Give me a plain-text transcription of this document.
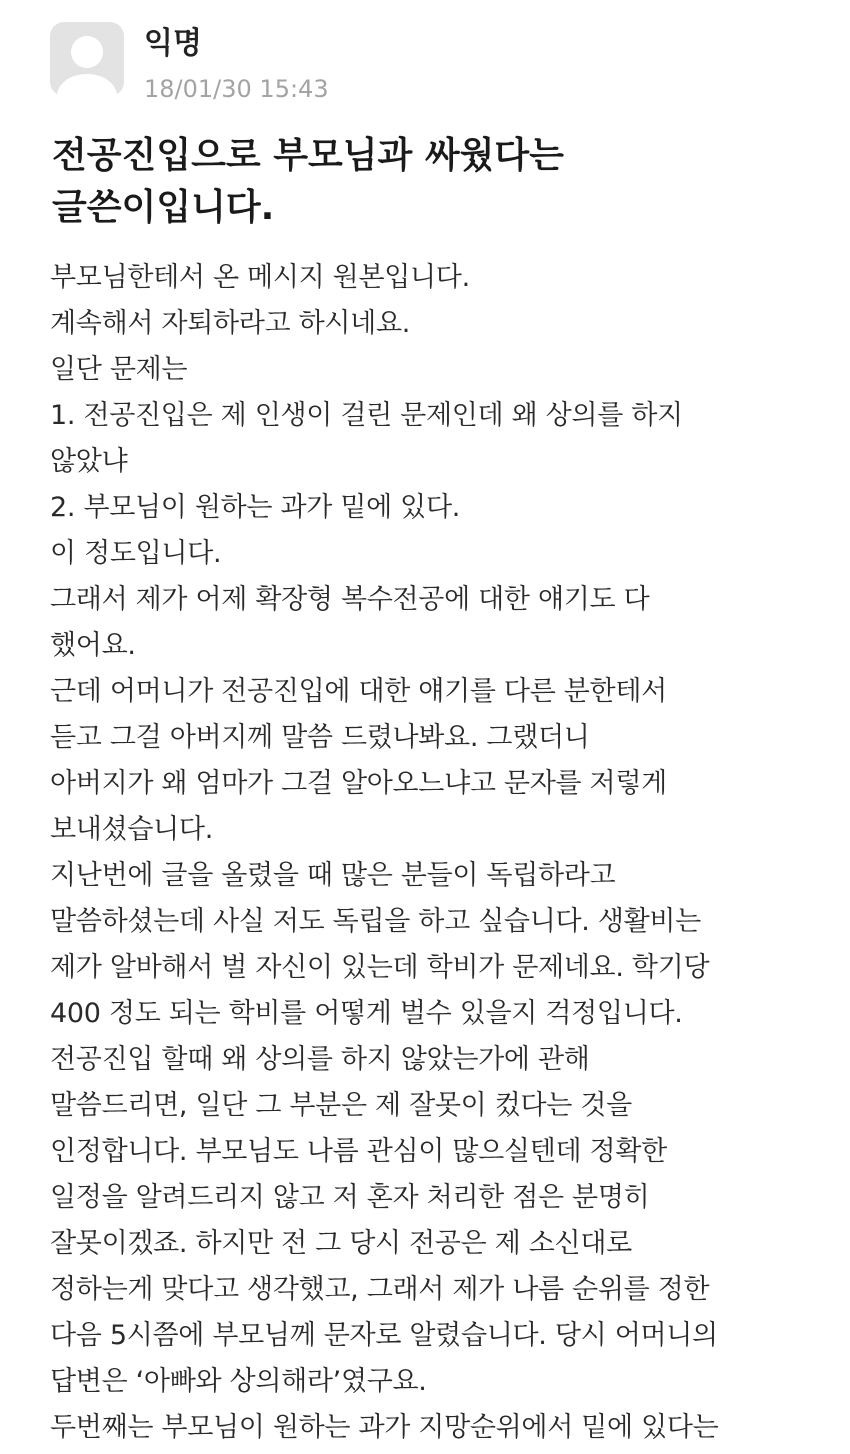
익명
18/01/30 15:43
전공진입으로 부모님과 싸웠다는
글쓴이입니다.
부모님한테서 온 메시지 원본입니다.
계속해서 자퇴하라고 하시네요.
일단 문제는
1. 전공진입은 제 인생이 걸린 문제인데 왜 상의를 하지
않았냐
2. 부모님이 원하는 과가 밑에 있다.
이 정도입니다.
그래서 제가 어제 확장형 복수전공에 대한 얘기도 다
했어요.
근데 어머니가 전공진입에 대한 얘기를 다른 분한테서
듣고 그걸 아버지께 말씀 드렸나봐요. 그랬더니
아버지가 왜 엄마가 그걸 알아오느냐고 문자를 저렇게
보내셨습니다.
지난번에 글을 올렸을 때 많은 분들이 독립하라고
말씀하셨는데 사실 저도 독립을 하고 싶습니다. 생활비는
제가 알바해서 벌 자신이 있는데 학비가 문제네요. 학기당
400 정도 되는 학비를 어떻게 벌수 있을지 걱정입니다.
전공진입 할때 왜 상의를 하지 않았는가에 관해
말씀드리면, 일단 그 부분은 제 잘못이 컸다는 것을
인정합니다. 부모님도 나름 관심이 많으실텐데 정확한
일정을 알려드리지 않고 저 혼자 처리한 점은 분명히
잘못이겠죠. 하지만 전 그 당시 전공은 제 소신대로
정하는게 맞다고 생각했고, 그래서 제가 나름 순위를 정한
다음 5시쯤에 부모님께 문자로 알렸습니다. 당시 어머니의
답변은 ‘아빠와 상의해라’였구요.
두번째는 부모님이 원하는 과가 지망순위에서 밑에 있다는
